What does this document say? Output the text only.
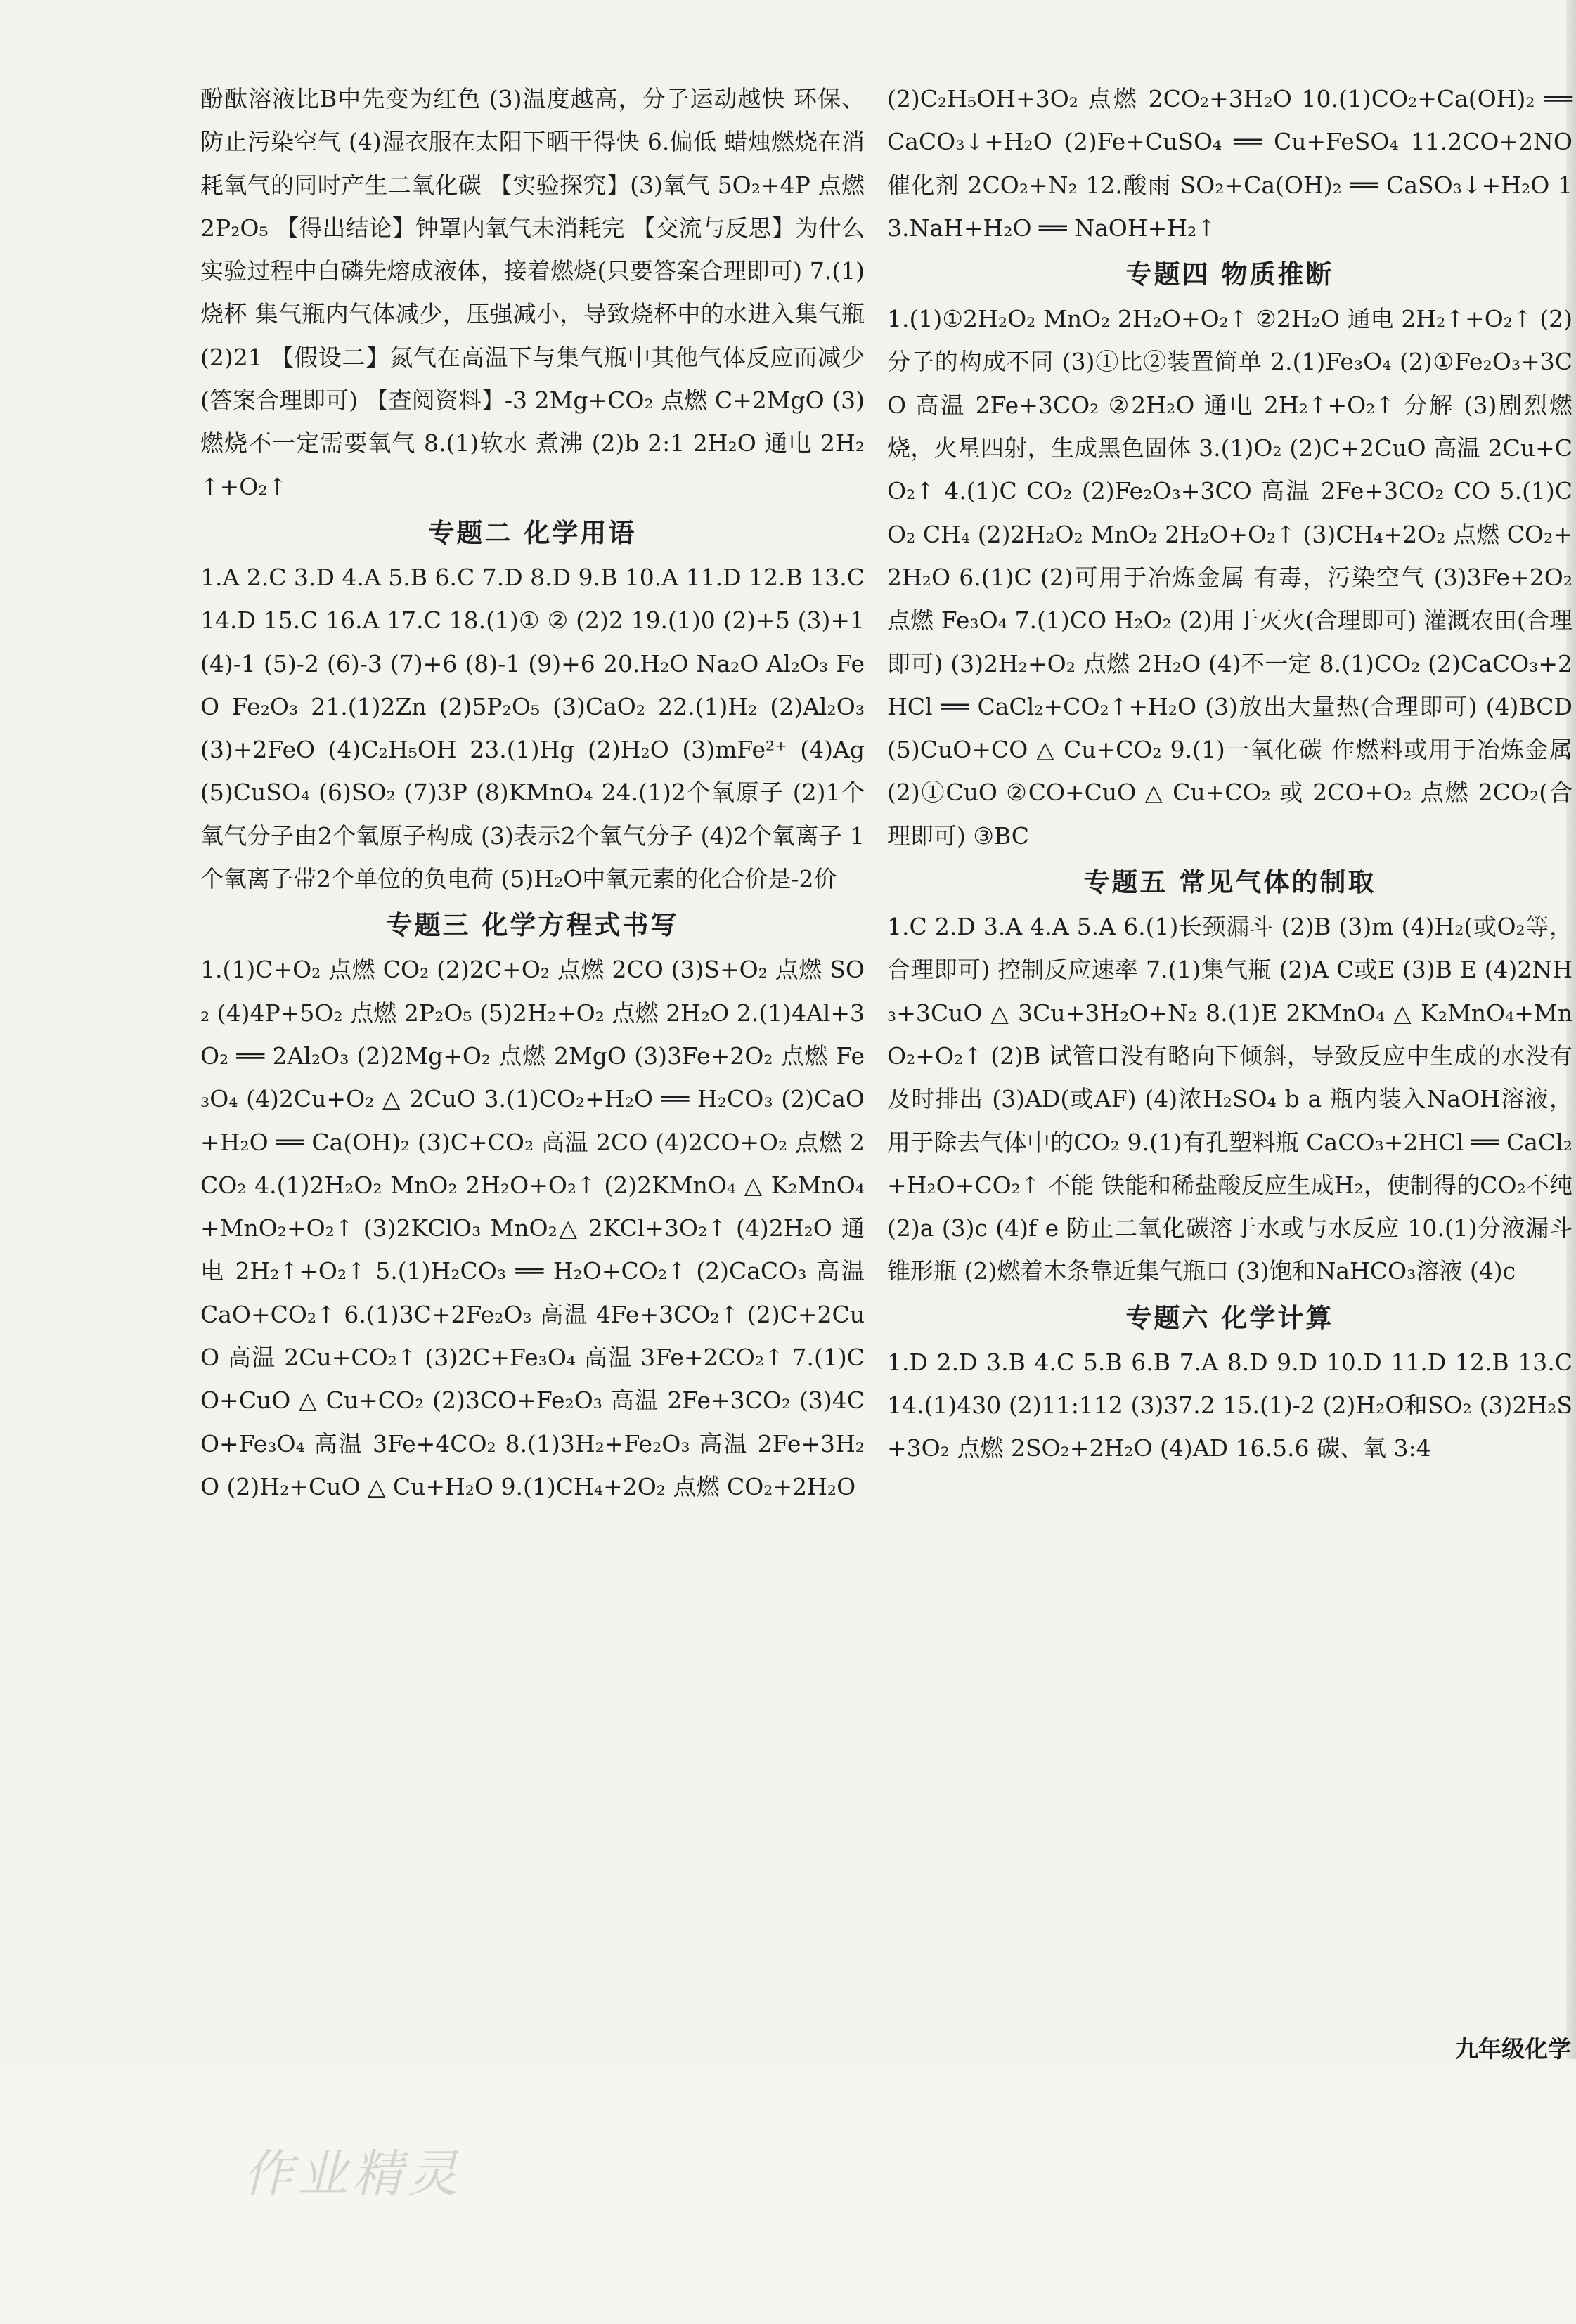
酚酞溶液比B中先变为红色 (3)温度越高，分子运动越快 环保、防止污染空气 (4)湿衣服在太阳下晒干得快 6.偏低 蜡烛燃烧在消耗氧气的同时产生二氧化碳 【实验探究】(3)氧气 5O₂+4P 点燃 2P₂O₅ 【得出结论】钟罩内氧气未消耗完 【交流与反思】为什么实验过程中白磷先熔成液体，接着燃烧(只要答案合理即可) 7.(1)烧杯 集气瓶内气体减少，压强减小，导致烧杯中的水进入集气瓶 (2)21 【假设二】氮气在高温下与集气瓶中其他气体反应而减少(答案合理即可) 【查阅资料】-3 2Mg+CO₂ 点燃 C+2MgO (3)燃烧不一定需要氧气 8.(1)软水 煮沸 (2)b 2:1 2H₂O 通电 2H₂↑+O₂↑

专题二 化学用语

1.A 2.C 3.D 4.A 5.B 6.C 7.D 8.D 9.B 10.A 11.D 12.B 13.C 14.D 15.C 16.A 17.C 18.(1)① ② (2)2 19.(1)0 (2)+5 (3)+1 (4)-1 (5)-2 (6)-3 (7)+6 (8)-1 (9)+6 20.H₂O Na₂O Al₂O₃ FeO Fe₂O₃ 21.(1)2Zn (2)5P₂O₅ (3)CaO₂ 22.(1)H₂ (2)Al₂O₃ (3)+2FeO (4)C₂H₅OH 23.(1)Hg (2)H₂O (3)mFe²⁺ (4)Ag (5)CuSO₄ (6)SO₂ (7)3P (8)KMnO₄ 24.(1)2个氧原子 (2)1个氧气分子由2个氧原子构成 (3)表示2个氧气分子 (4)2个氧离子 1个氧离子带2个单位的负电荷 (5)H₂O中氧元素的化合价是-2价

专题三 化学方程式书写

1.(1)C+O₂ 点燃 CO₂ (2)2C+O₂ 点燃 2CO (3)S+O₂ 点燃 SO₂ (4)4P+5O₂ 点燃 2P₂O₅ (5)2H₂+O₂ 点燃 2H₂O 2.(1)4Al+3O₂ ══ 2Al₂O₃ (2)2Mg+O₂ 点燃 2MgO (3)3Fe+2O₂ 点燃 Fe₃O₄ (4)2Cu+O₂ △ 2CuO 3.(1)CO₂+H₂O ══ H₂CO₃ (2)CaO+H₂O ══ Ca(OH)₂ (3)C+CO₂ 高温 2CO (4)2CO+O₂ 点燃 2CO₂ 4.(1)2H₂O₂ MnO₂ 2H₂O+O₂↑ (2)2KMnO₄ △ K₂MnO₄+MnO₂+O₂↑ (3)2KClO₃ MnO₂△ 2KCl+3O₂↑ (4)2H₂O 通电 2H₂↑+O₂↑ 5.(1)H₂CO₃ ══ H₂O+CO₂↑ (2)CaCO₃ 高温 CaO+CO₂↑ 6.(1)3C+2Fe₂O₃ 高温 4Fe+3CO₂↑ (2)C+2CuO 高温 2Cu+CO₂↑ (3)2C+Fe₃O₄ 高温 3Fe+2CO₂↑ 7.(1)CO+CuO △ Cu+CO₂ (2)3CO+Fe₂O₃ 高温 2Fe+3CO₂ (3)4CO+Fe₃O₄ 高温 3Fe+4CO₂ 8.(1)3H₂+Fe₂O₃ 高温 2Fe+3H₂O (2)H₂+CuO △ Cu+H₂O 9.(1)CH₄+2O₂ 点燃 CO₂+2H₂O

(2)C₂H₅OH+3O₂ 点燃 2CO₂+3H₂O 10.(1)CO₂+Ca(OH)₂ ══ CaCO₃↓+H₂O (2)Fe+CuSO₄ ══ Cu+FeSO₄ 11.2CO+2NO 催化剂 2CO₂+N₂ 12.酸雨 SO₂+Ca(OH)₂ ══ CaSO₃↓+H₂O 13.NaH+H₂O ══ NaOH+H₂↑

专题四 物质推断

1.(1)①2H₂O₂ MnO₂ 2H₂O+O₂↑ ②2H₂O 通电 2H₂↑+O₂↑ (2)分子的构成不同 (3)①比②装置简单 2.(1)Fe₃O₄ (2)①Fe₂O₃+3CO 高温 2Fe+3CO₂ ②2H₂O 通电 2H₂↑+O₂↑ 分解 (3)剧烈燃烧，火星四射，生成黑色固体 3.(1)O₂ (2)C+2CuO 高温 2Cu+CO₂↑ 4.(1)C CO₂ (2)Fe₂O₃+3CO 高温 2Fe+3CO₂ CO 5.(1)CO₂ CH₄ (2)2H₂O₂ MnO₂ 2H₂O+O₂↑ (3)CH₄+2O₂ 点燃 CO₂+2H₂O 6.(1)C (2)可用于冶炼金属 有毒，污染空气 (3)3Fe+2O₂ 点燃 Fe₃O₄ 7.(1)CO H₂O₂ (2)用于灭火(合理即可) 灌溉农田(合理即可) (3)2H₂+O₂ 点燃 2H₂O (4)不一定 8.(1)CO₂ (2)CaCO₃+2HCl ══ CaCl₂+CO₂↑+H₂O (3)放出大量热(合理即可) (4)BCD (5)CuO+CO △ Cu+CO₂ 9.(1)一氧化碳 作燃料或用于冶炼金属 (2)①CuO ②CO+CuO △ Cu+CO₂ 或 2CO+O₂ 点燃 2CO₂(合理即可) ③BC

专题五 常见气体的制取

1.C 2.D 3.A 4.A 5.A 6.(1)长颈漏斗 (2)B (3)m (4)H₂(或O₂等，合理即可) 控制反应速率 7.(1)集气瓶 (2)A C或E (3)B E (4)2NH₃+3CuO △ 3Cu+3H₂O+N₂ 8.(1)E 2KMnO₄ △ K₂MnO₄+MnO₂+O₂↑ (2)B 试管口没有略向下倾斜，导致反应中生成的水没有及时排出 (3)AD(或AF) (4)浓H₂SO₄ b a 瓶内装入NaOH溶液，用于除去气体中的CO₂ 9.(1)有孔塑料瓶 CaCO₃+2HCl ══ CaCl₂+H₂O+CO₂↑ 不能 铁能和稀盐酸反应生成H₂，使制得的CO₂不纯 (2)a (3)c (4)f e 防止二氧化碳溶于水或与水反应 10.(1)分液漏斗 锥形瓶 (2)燃着木条靠近集气瓶口 (3)饱和NaHCO₃溶液 (4)c

专题六 化学计算

1.D 2.D 3.B 4.C 5.B 6.B 7.A 8.D 9.D 10.D 11.D 12.B 13.C 14.(1)430 (2)11:112 (3)37.2 15.(1)-2 (2)H₂O和SO₂ (3)2H₂S+3O₂ 点燃 2SO₂+2H₂O (4)AD 16.5.6 碳、氧 3:4

九年级化学
作业精灵
